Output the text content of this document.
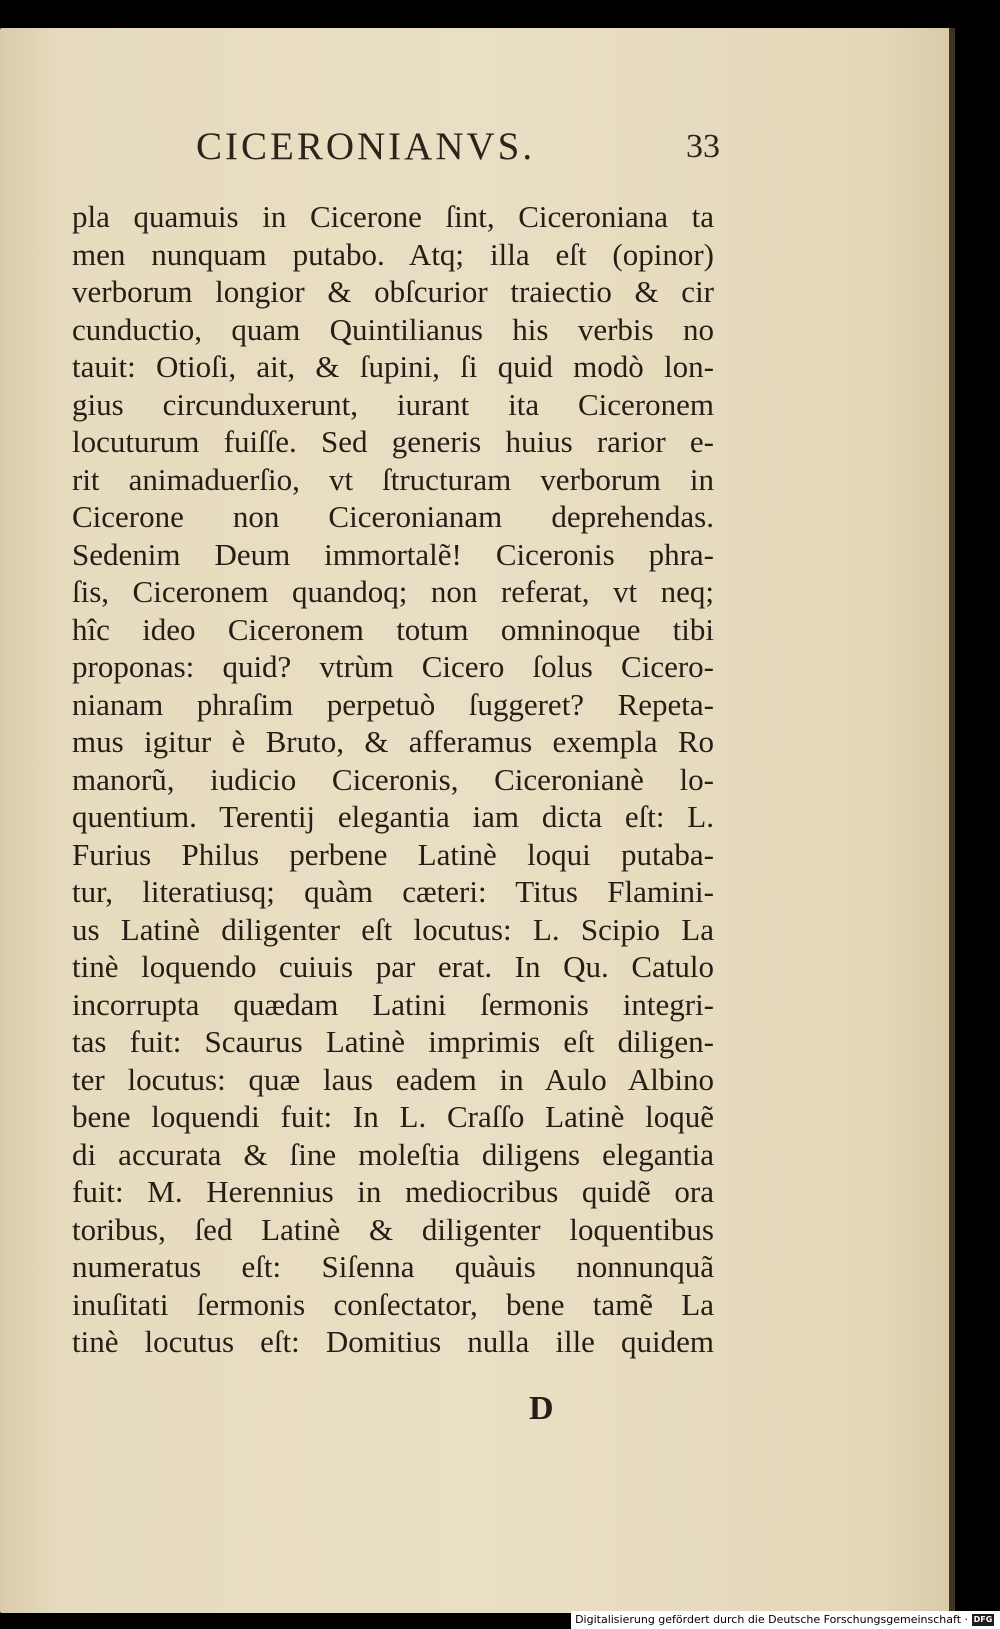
CICERONIANVS.	33
pla quamuis in Cicerone ſint, Ciceroniana ta
men nunquam putabo. Atq; illa eſt (opinor)
verborum longior & obſcurior traiectio & cir
cunductio, quam Quintilianus his verbis no
tauit: Otioſi, ait, & ſupini, ſi quid modò lon-
gius circunduxerunt, iurant ita Ciceronem
locuturum fuiſſe. Sed generis huius rarior e-
rit animaduerſio, vt ſtructuram verborum in
Cicerone non Ciceronianam deprehendas.
Sedenim Deum immortalẽ! Ciceronis phra-
ſis, Ciceronem quandoq; non referat, vt neq;
hîc ideo Ciceronem totum omninoque tibi
proponas: quid? vtrùm Cicero ſolus Cicero-
nianam phraſim perpetuò ſuggeret? Repeta-
mus igitur è Bruto, & afferamus exempla Ro
manorũ, iudicio Ciceronis, Ciceronianè lo-
quentium. Terentij elegantia iam dicta eſt: L.
Furius Philus perbene Latinè loqui putaba-
tur, literatiusq; quàm cæteri: Titus Flamini-
us Latinè diligenter eſt locutus: L. Scipio La
tinè loquendo cuiuis par erat. In Qu. Catulo
incorrupta quædam Latini ſermonis integri-
tas fuit: Scaurus Latinè imprimis eſt diligen-
ter locutus: quæ laus eadem in Aulo Albino
bene loquendi fuit: In L. Craſſo Latinè loquẽ
di accurata & ſine moleſtia diligens elegantia
fuit: M. Herennius in mediocribus quidẽ ora
toribus, ſed Latinè & diligenter loquentibus
numeratus eſt: Siſenna quàuis nonnunquã
inuſitati ſermonis conſectator, bene tamẽ La
tinè locutus eſt: Domitius nulla ille quidem
D
Digitalisierung gefördert durch die Deutsche Forschungsgemeinschaft · DFG
